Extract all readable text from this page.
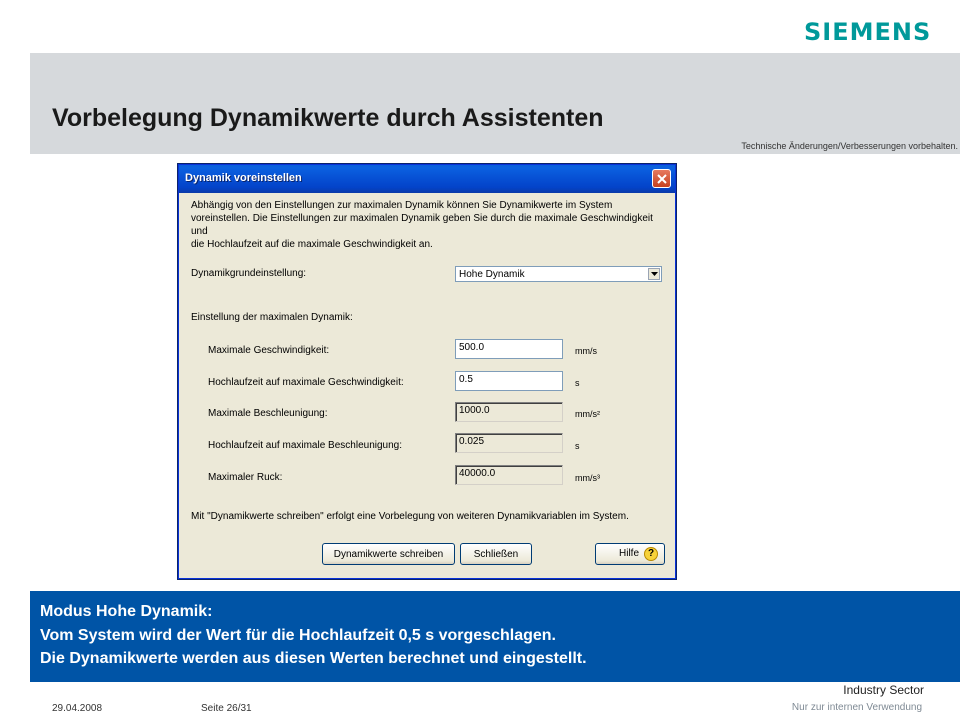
SIEMENS
Vorbelegung Dynamikwerte durch Assistenten
Technische Änderungen/Verbesserungen vorbehalten.
Dynamik voreinstellen
Abhängig von den Einstellungen zur maximalen Dynamik können Sie Dynamikwerte im System
voreinstellen. Die Einstellungen zur maximalen Dynamik geben Sie durch die maximale Geschwindigkeit und
die Hochlaufzeit auf die maximale Geschwindigkeit an.
Dynamikgrundeinstellung:	Hohe Dynamik
Einstellung der maximalen Dynamik:
Maximale Geschwindigkeit:	500.0	mm/s
Hochlaufzeit auf maximale Geschwindigkeit:	0.5	s
Maximale Beschleunigung:	1000.0	mm/s²
Hochlaufzeit auf maximale Beschleunigung:	0.025	s
Maximaler Ruck:	40000.0	mm/s³
Mit "Dynamikwerte schreiben" erfolgt eine Vorbelegung von weiteren Dynamikvariablen im System.
Dynamikwerte schreiben	Schließen	Hilfe ?
Modus Hohe Dynamik:
Vom System wird der Wert für die Hochlaufzeit 0,5 s vorgeschlagen.
Die Dynamikwerte werden aus diesen Werten berechnet und eingestellt.
29.04.2008	Seite 26/31
Industry Sector
Nur zur internen Verwendung
